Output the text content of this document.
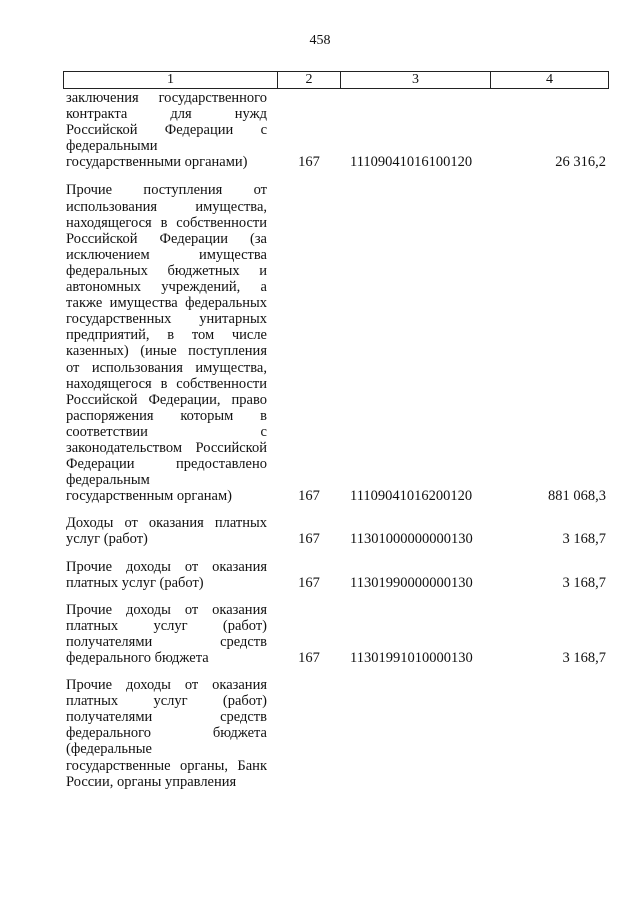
458
1	2	3	4
заключения государственного
контракта для нужд
Российской Федерации с
федеральными
государственными органами)	167 11109041016100120	26 316,2
Прочие поступления от
использования имущества,
находящегося в собственности
Российской Федерации (за
исключением имущества
федеральных бюджетных и
автономных учреждений, а
также имущества федеральных
государственных унитарных
предприятий, в том числе
казенных) (иные поступления
от использования имущества,
находящегося в собственности
Российской Федерации, право
распоряжения которым в
соответствии с
законодательством Российской
Федерации предоставлено
федеральным
государственным органам)	167 11109041016200120	881 068,3
Доходы от оказания платных
услуг (работ)	167 11301000000000130	3 168,7
Прочие доходы от оказания
платных услуг (работ)	167 11301990000000130	3 168,7
Прочие доходы от оказания
платных услуг (работ)
получателями средств
федерального бюджета	167 11301991010000130	3 168,7
Прочие доходы от оказания
платных услуг (работ)
получателями средств
федерального бюджета
(федеральные
государственные органы, Банк
России, органы управления
